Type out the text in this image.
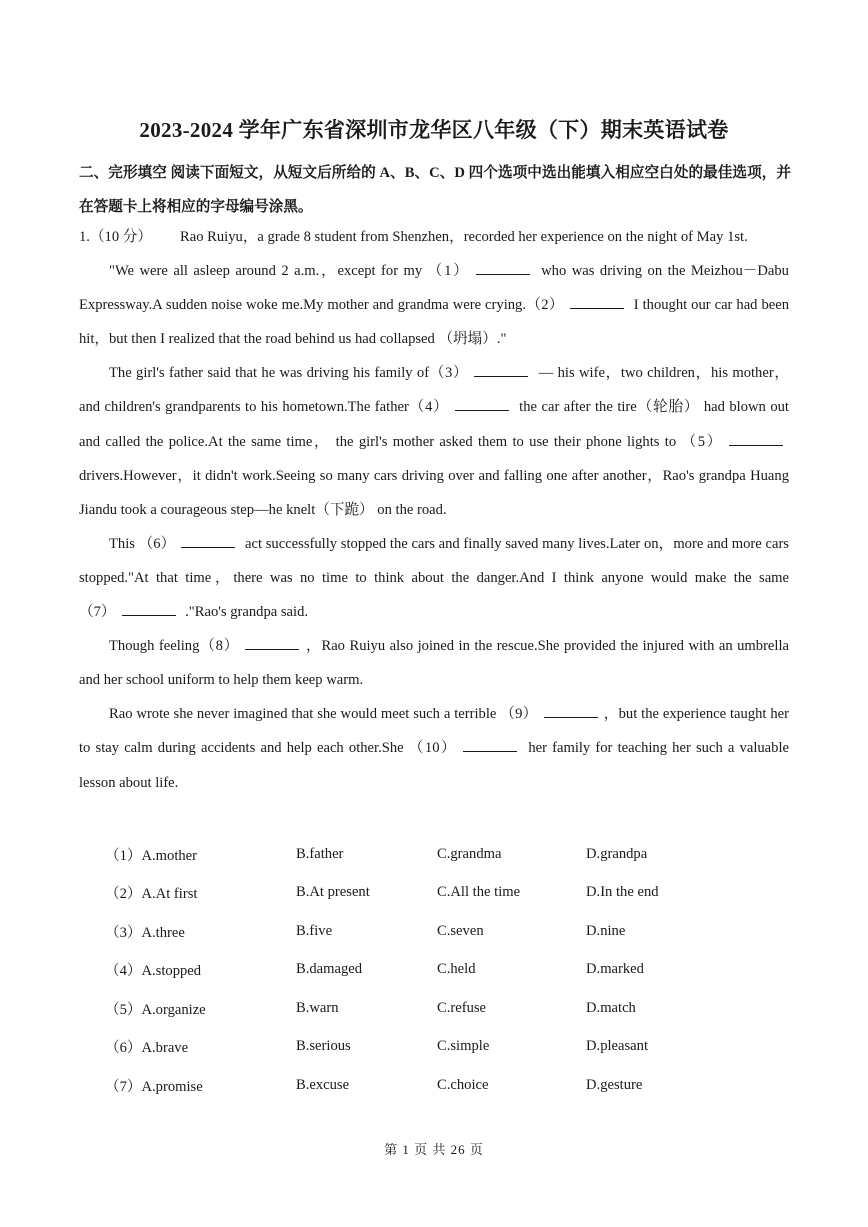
2023-2024 学年广东省深圳市龙华区八年级（下）期末英语试卷
二、完形填空 阅读下面短文，从短文后所给的 A、B、C、D 四个选项中选出能填入相应空白处的最佳选项，并在答题卡上将相应的字母编号涂黑。

1.（10 分） Rao Ruiyu，a grade 8 student from Shenzhen，recorded her experience on the night of May 1st.

"We were all asleep around 2 a.m.，except for my （1）	who was driving on the Meizhou－Dabu Expressway.A sudden noise woke me.My mother and grandma were crying.（2）	I thought our car had been hit，but then I realized that the road behind us had collapsed （坍塌）."

The girl's father said that he was driving his family of（3）	— his wife，two children，his mother，and children's grandparents to his hometown.The father（4）	the car after the tire（轮胎） had blown out and called the police.At the same time， the girl's mother asked them to use their phone lights to （5） drivers.However，it didn't work.Seeing so many cars driving over and falling one after another，Rao's grandpa Huang Jiandu took a courageous step—he knelt（下跪） on the road.

This （6）	act successfully stopped the cars and finally saved many lives.Later on，more and more cars stopped."At that time，there was no time to think about the danger.And I think anyone would make the same （7）	."Rao's grandpa said.

Though feeling（8）	，Rao Ruiyu also joined in the rescue.She provided the injured with an umbrella and her school uniform to help them keep warm.

Rao wrote she never imagined that she would meet such a terrible （9）	，but the experience taught her to stay calm during accidents and help each other.She （10）	her family for teaching her such a valuable lesson about life.

（1）A.mother	B.father	C.grandma	D.grandpa
（2）A.At first	B.At present	C.All the time	D.In the end
（3）A.three	B.five	C.seven	D.nine
（4）A.stopped	B.damaged	C.held	D.marked
（5）A.organize	B.warn	C.refuse	D.match
（6）A.brave	B.serious	C.simple	D.pleasant
（7）A.promise	B.excuse	C.choice	D.gesture
第 1 页 共 26 页
